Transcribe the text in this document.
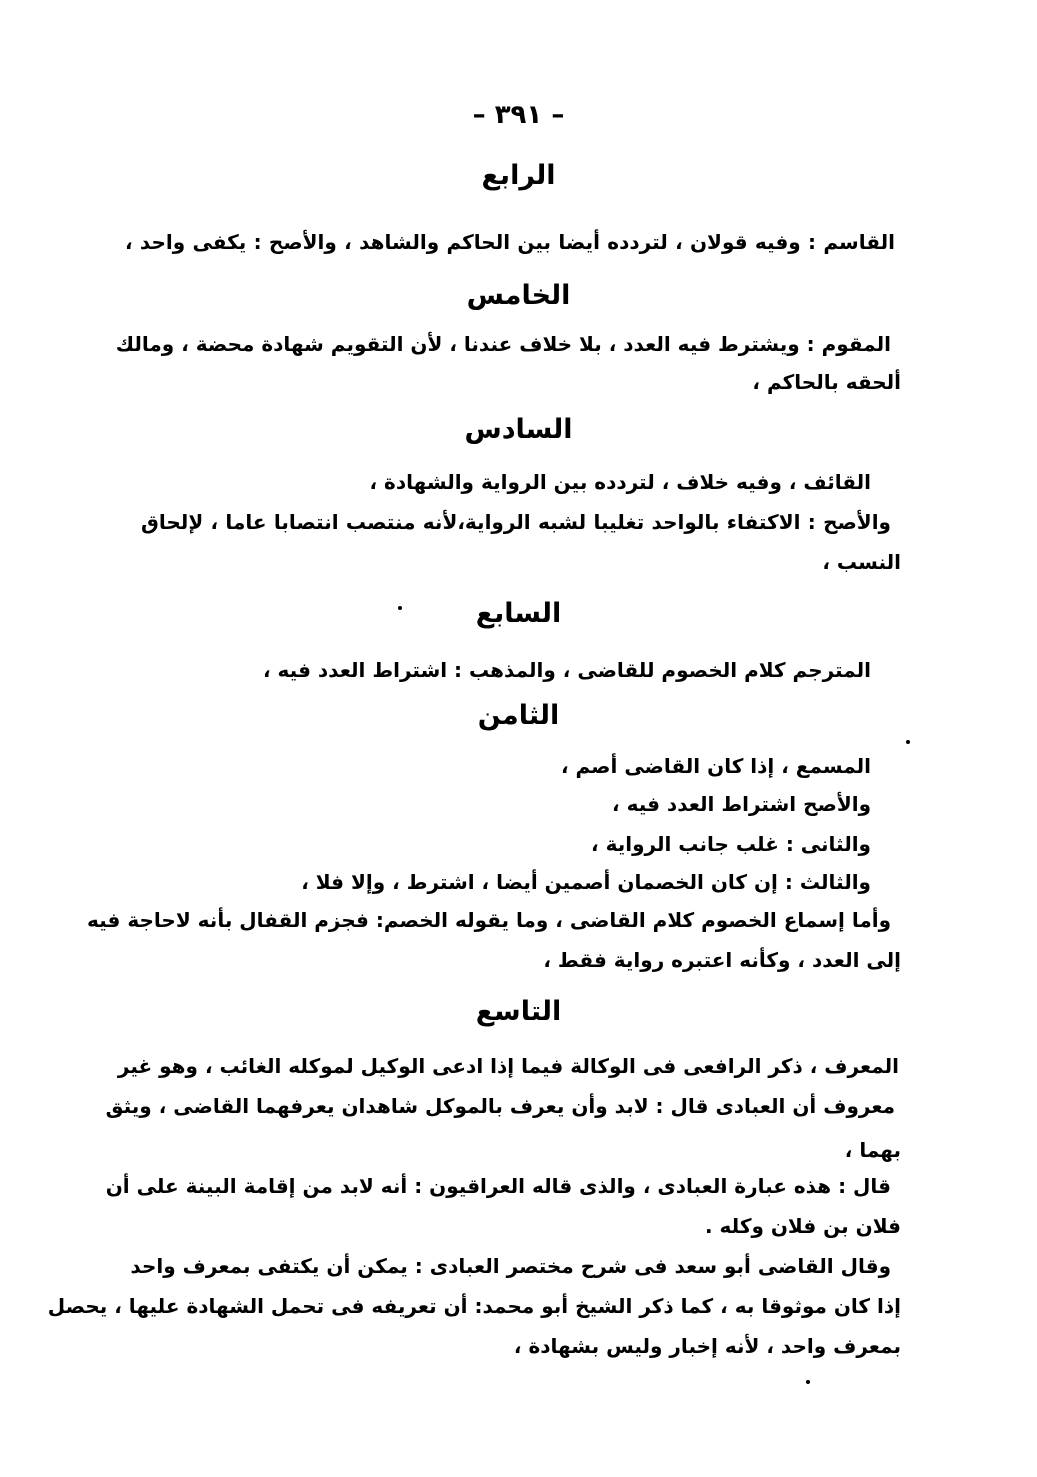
– ٣٩١ –
الرابع
القاسم : وفيه قولان ، لتردده أيضا بين الحاكم والشاهد ، والأصح : يكفى واحد ،
الخامس
المقوم : ويشترط فيه العدد ، بلا خلاف عندنا ، لأن التقويم شهادة محضة ، ومالك
ألحقه بالحاكم ،
السادس
القائف ، وفيه خلاف ، لتردده بين الرواية والشهادة ،
والأصح : الاكتفاء بالواحد تغليبا لشبه الرواية،لأنه منتصب انتصابا عاما ، لإلحاق
النسب ،
السابع
المترجم كلام الخصوم للقاضى ، والمذهب : اشتراط العدد فيه ،
الثامن
المسمع ، إذا كان القاضى أصم ،
والأصح اشتراط العدد فيه ،
والثانى : غلب جانب الرواية ،
والثالث : إن كان الخصمان أصمين أيضا ، اشترط ، وإلا فلا ،
وأما إسماع الخصوم كلام القاضى ، وما يقوله الخصم: فجزم القفال بأنه لاحاجة فيه
إلى العدد ، وكأنه اعتبره رواية فقط ،
التاسع
المعرف ، ذكر الرافعى فى الوكالة فيما إذا ادعى الوكيل لموكله الغائب ، وهو غير
معروف أن العبادى قال : لابد وأن يعرف بالموكل شاهدان يعرفهما القاضى ، ويثق
بهما ،
قال : هذه عبارة العبادى ، والذى قاله العراقيون : أنه لابد من إقامة البينة على أن
فلان بن فلان وكله .
وقال القاضى أبو سعد فى شرح مختصر العبادى : يمكن أن يكتفى بمعرف واحد
إذا كان موثوقا به ، كما ذكر الشيخ أبو محمد: أن تعريفه فى تحمل الشهادة عليها ، يحصل
بمعرف واحد ، لأنه إخبار وليس بشهادة ،
